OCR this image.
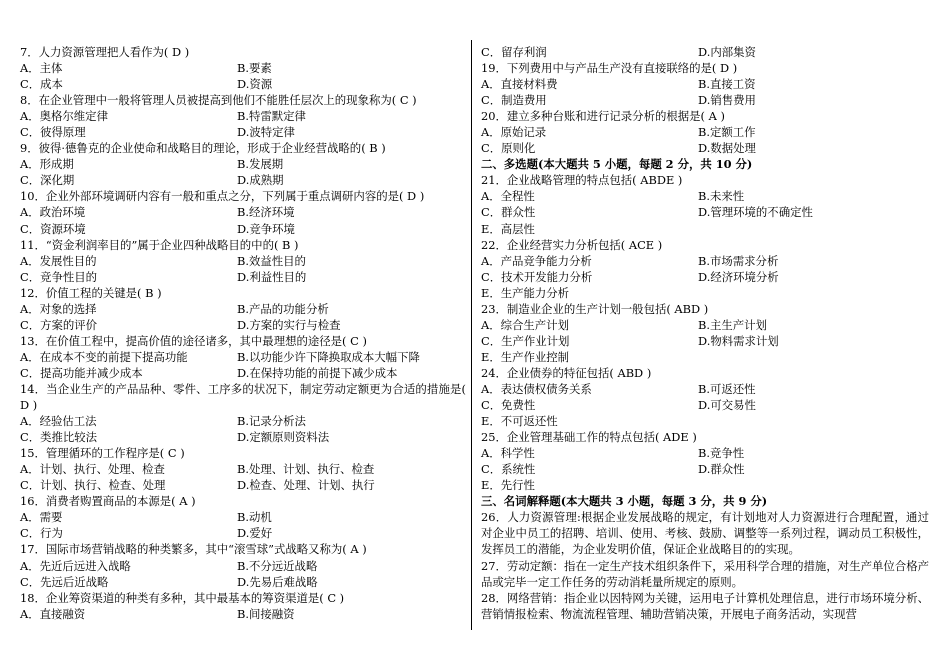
7．人力资源管理把人看作为( D )
A．主体	B.要素
C．成本	D.资源
8．在企业管理中一般将管理人员被提高到他们不能胜任层次上的现象称为( C )
A．奥格尔维定律	B.特雷默定律
C．彼得原理	D.波特定律
9．彼得·德鲁克的企业使命和战略目的理论，形成于企业经营战略的( B )
A．形成期	B.发展期
C．深化期	D.成熟期
10．企业外部环境调研内容有一般和重点之分，下列属于重点调研内容的是( D )
A．政治环境	B.经济环境
C．资源环境	D.竞争环境
11．“资金利润率目的”属于企业四种战略目的中的( B )
A．发展性目的	B.效益性目的
C．竞争性目的	D.利益性目的
12．价值工程的关键是( B )
A．对象的选择	B.产品的功能分析
C．方案的评价	D.方案的实行与检查
13．在价值工程中，提高价值的途径诸多，其中最理想的途径是( C )
A．在成本不变的前提下提高功能	B.以功能少许下降换取成本大幅下降
C．提高功能并减少成本	D.在保持功能的前提下减少成本
14．当企业生产的产品品种、零件、工序多的状况下，制定劳动定额更为合适的措施是( D )
A．经验估工法	B.记录分析法
C．类推比较法	D.定额原则资料法
15．管理循环的工作程序是( C )
A．计划、执行、处理、检查	B.处理、计划、执行、检查
C．计划、执行、检查、处理	D.检查、处理、计划、执行
16．消费者购置商品的本源是( A )
A．需要	B.动机
C．行为	D.爱好
17．国际市场营销战略的种类繁多，其中“滚雪球”式战略又称为( A )
A．先近后远进入战略	B.不分远近战略
C．先远后近战略	D.先易后难战略
18．企业筹资渠道的种类有多种，其中最基本的筹资渠道是( C )
A．直接融资	B.间接融资
C．留存利润	D.内部集资
19．下列费用中与产品生产没有直接联络的是( D )
A．直接材料费	B.直接工资
C．制造费用	D.销售费用
20．建立多种台账和进行记录分析的根据是( A )
A．原始记录	B.定额工作
C．原则化	D.数据处理
二、多选题(本大题共 5 小题，每题 2 分，共 10 分)
21．企业战略管理的特点包括( ABDE )
A．全程性	B.未来性
C．群众性	D.管理环境的不确定性
E．高层性
22．企业经营实力分析包括( ACE )
A．产品竞争能力分析	B.市场需求分析
C．技术开发能力分析	D.经济环境分析
E．生产能力分析
23．制造业企业的生产计划一般包括( ABD )
A．综合生产计划	B.主生产计划
C．生产作业计划	D.物料需求计划
E．生产作业控制
24．企业债券的特征包括( ABD )
A．表达债权债务关系	B.可返还性
C．免费性	D.可交易性
E．不可返还性
25．企业管理基础工作的特点包括( ADE )
A．科学性	B.竞争性
C．系统性	D.群众性
E．先行性
三、名词解释题(本大题共 3 小题，每题 3 分，共 9 分)
26．人力资源管理:根据企业发展战略的规定，有计划地对人力资源进行合理配置，通过对企业中员工的招聘、培训、使用、考核、鼓励、调整等一系列过程，调动员工积极性，发挥员工的潜能，为企业发明价值，保证企业战略目的的实现。
27．劳动定额：指在一定生产技术组织条件下，采用科学合理的措施，对生产单位合格产品或完毕一定工作任务的劳动消耗量所规定的原则。
28．网络营销：指企业以因特网为关键，运用电子计算机处理信息，进行市场环境分析、营销情报检索、物流流程管理、辅助营销决策，开展电子商务活动，实现营
